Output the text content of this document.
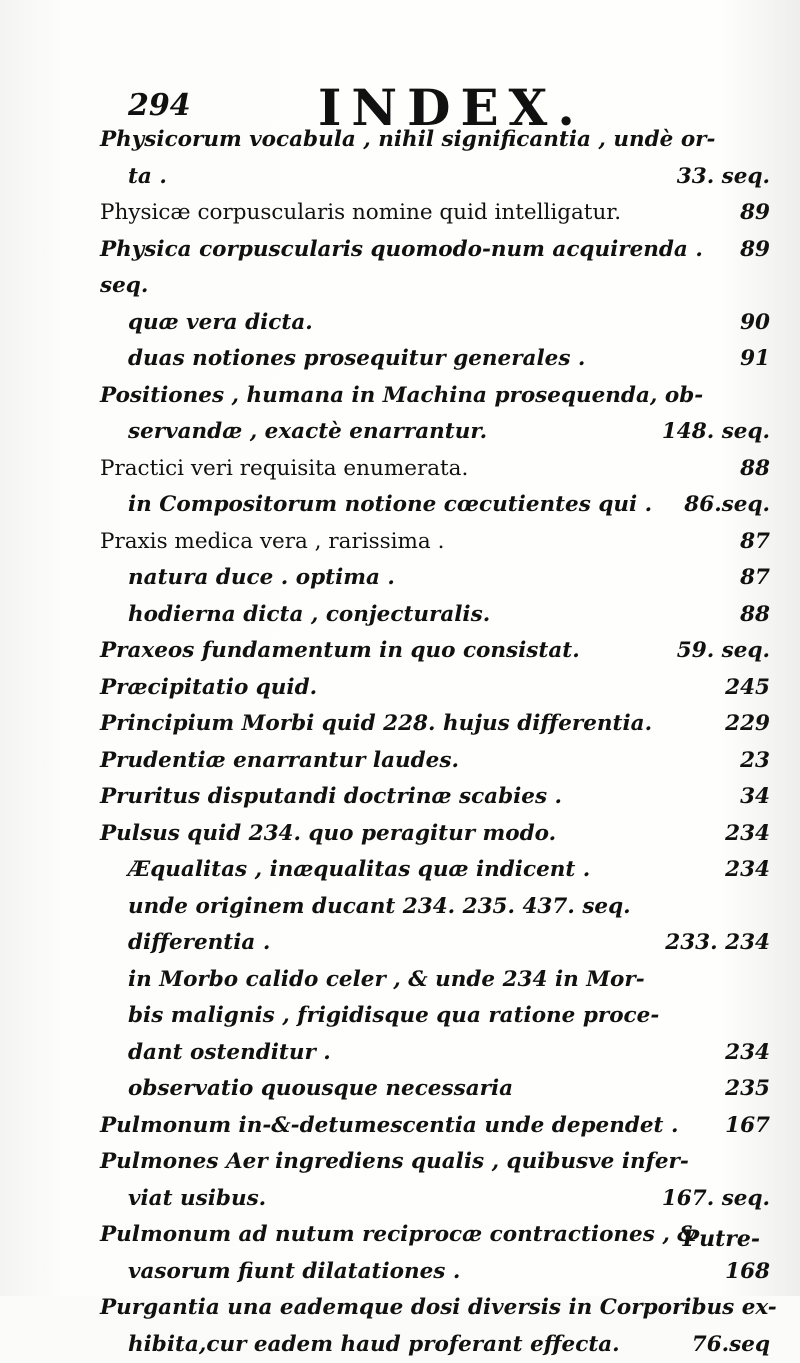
294	INDEX.
Physicorum vocabula , nihil significantia , undè or-
ta .	33. seq.
Physicæ corpuscularis nomine quid intelligatur.	89
Physica corpuscularis quomodo-num acquirenda . 89
seq.
quæ vera dicta.	90
duas notiones prosequitur generales .	91
Positiones , humana in Machina prosequenda, ob-
servandæ , exactè enarrantur.	148. seq.
Practici veri requisita enumerata.	88
in Compositorum notione cœcutientes qui . 86.seq.
Praxis medica vera , rarissima .	87
natura duce . optima .	87
hodierna dicta , conjecturalis.	88
Praxeos fundamentum in quo consistat.	59. seq.
Præcipitatio quid.	245
Principium Morbi quid 228. hujus differentia.	229
Prudentiæ enarrantur laudes.	23
Pruritus disputandi doctrinæ scabies .	34
Pulsus quid 234. quo peragitur modo.	234
Æqualitas , inæqualitas quæ indicent .	234
unde originem ducant 234. 235. 437. seq.
differentia .	233. 234
in Morbo calido celer , & unde 234 in Mor-
bis malignis , frigidisque qua ratione proce-
dant ostenditur .	234
observatio quousque necessaria	235
Pulmonum in-&-detumescentia unde dependet . 167
Pulmones Aer ingrediens qualis , quibusve infer-
viat usibus.	167. seq.
Pulmonum ad nutum reciprocæ contractiones , &
vasorum fiunt dilatationes .	168
Purgantia una eademque dosi diversis in Corporibus ex-
hibita,cur eadem haud proferant effecta.	76.seq
Putre-
